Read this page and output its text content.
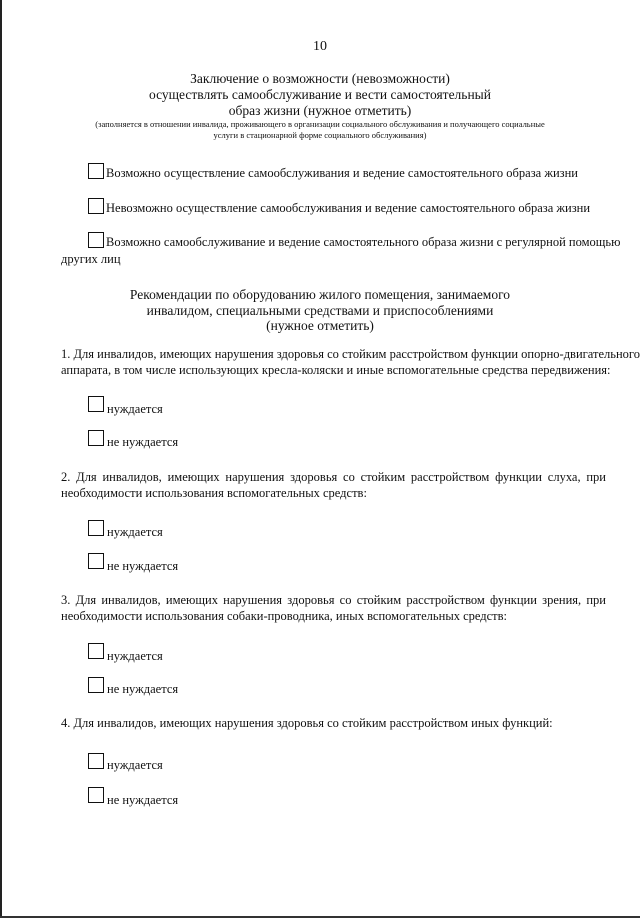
10
Заключение о возможности (невозможности)
осуществлять самообслуживание и вести самостоятельный
образ жизни (нужное отметить)
(заполняется в отношении инвалида, проживающего в организации социального обслуживания и получающего социальные
услуги в стационарной форме социального обслуживания)
Возможно осуществление самообслуживания и ведение самостоятельного образа жизни
Невозможно осуществление самообслуживания и ведение самостоятельного образа жизни
Возможно самообслуживание и ведение самостоятельного образа жизни с регулярной помощью
других лиц
Рекомендации по оборудованию жилого помещения, занимаемого
инвалидом, специальными средствами и приспособлениями
(нужное отметить)
1. Для инвалидов, имеющих нарушения здоровья со стойким расстройством функции опорно-двигательного
аппарата, в том числе использующих кресла-коляски и иные вспомогательные средства передвижения:
нуждается
не нуждается
2. Для инвалидов, имеющих нарушения здоровья со стойким расстройством функции слуха, при
необходимости использования вспомогательных средств:
нуждается
не нуждается
3. Для инвалидов, имеющих нарушения здоровья со стойким расстройством функции зрения, при
необходимости использования собаки-проводника, иных вспомогательных средств:
нуждается
не нуждается
4. Для инвалидов, имеющих нарушения здоровья со стойким расстройством иных функций:
нуждается
не нуждается
